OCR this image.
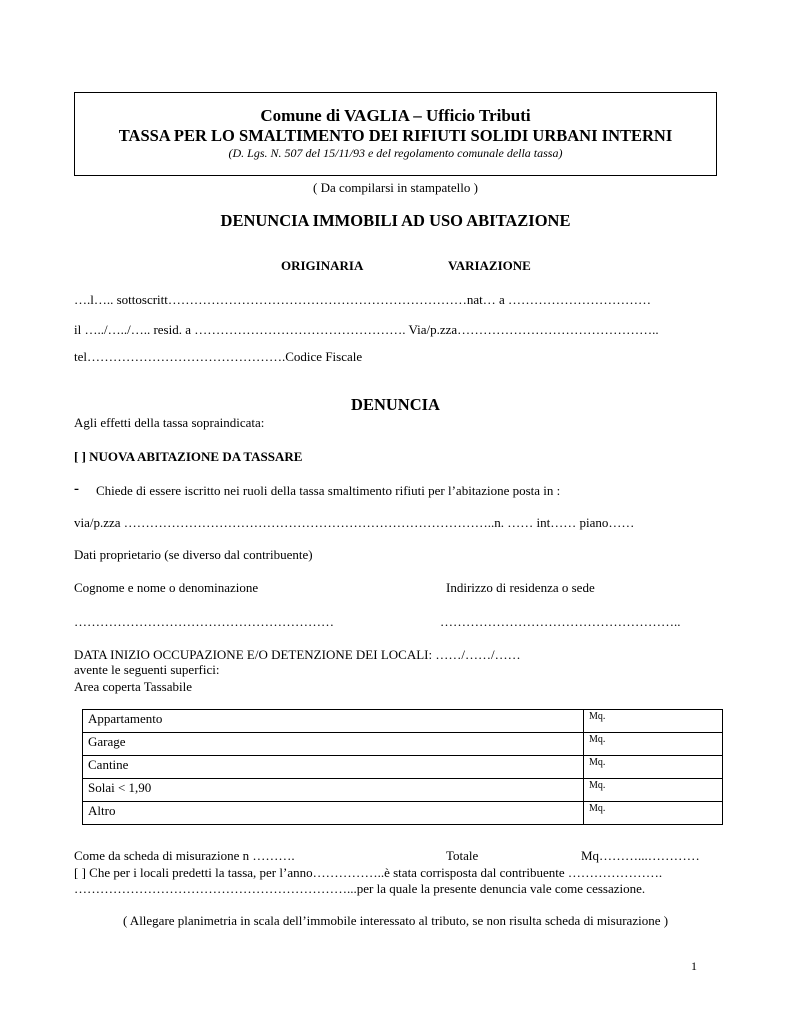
Comune di VAGLIA – Ufficio Tributi
TASSA PER LO SMALTIMENTO DEI RIFIUTI SOLIDI URBANI INTERNI
(D. Lgs. N. 507 del 15/11/93 e del regolamento comunale della tassa)
( Da compilarsi in stampatello )
DENUNCIA IMMOBILI AD USO ABITAZIONE
ORIGINARIA	VARIAZIONE
….l….. sottoscritt……………………………………………………………nat… a ……………………………
il …../…../….. resid. a …………………………………………. Via/p.zza………………………………………..
tel……………………………………….Codice Fiscale
DENUNCIA
Agli effetti della tassa sopraindicata:
[ ] NUOVA ABITAZIONE DA TASSARE
- Chiede di essere iscritto nei ruoli della tassa smaltimento rifiuti per l’abitazione posta in :
via/p.zza …………………………………………………………………………..n. …… int…… piano……
Dati proprietario (se diverso dal contribuente)
Cognome e nome o denominazione	Indirizzo di residenza o sede
……………………………………………………	………………………………………………..
DATA INIZIO OCCUPAZIONE E/O DETENZIONE DEI LOCALI: ……/……/……
avente le seguenti superfici:
Area coperta Tassabile
Appartamento	Mq.
Garage	Mq.
Cantine	Mq.
Solai < 1,90	Mq.
Altro	Mq.
Come da scheda di misurazione n ……….	Totale	Mq………...…………
[ ] Che per i locali predetti la tassa, per l’anno……………..è stata corrisposta dal contribuente ………………….
………………………………………………………...per la quale la presente denuncia vale come cessazione.
( Allegare planimetria in scala dell’immobile interessato al tributo, se non risulta scheda di misurazione )
1
